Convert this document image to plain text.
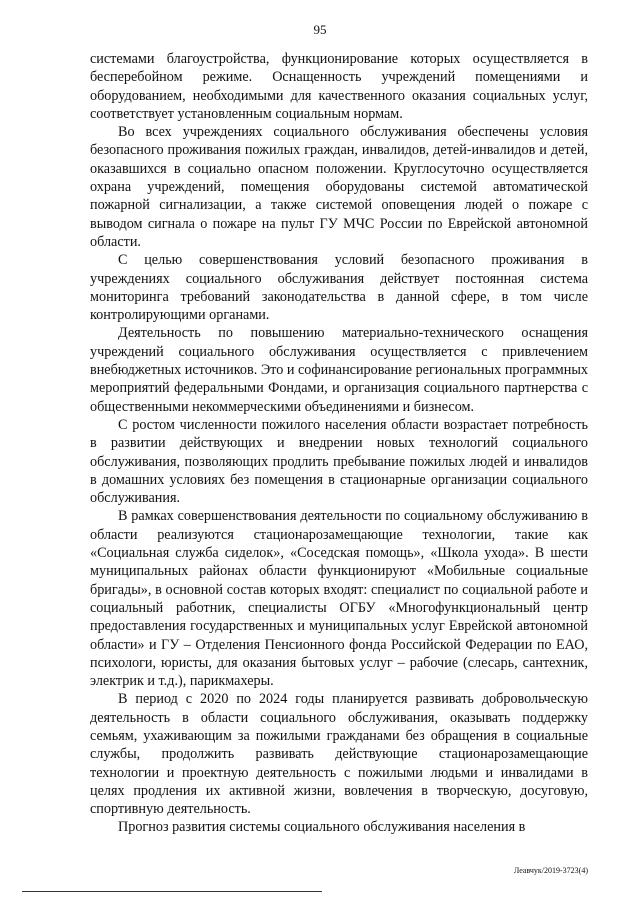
95

системами благоустройства, функционирование которых осуществляется в бесперебойном режиме. Оснащенность учреждений помещениями и оборудованием, необходимыми для качественного оказания социальных услуг, соответствует установленным социальным нормам.

Во всех учреждениях социального обслуживания обеспечены условия безопасного проживания пожилых граждан, инвалидов, детей-инвалидов и детей, оказавшихся в социально опасном положении. Круглосуточно осуществляется охрана учреждений, помещения оборудованы системой автоматической пожарной сигнализации, а также системой оповещения людей о пожаре с выводом сигнала о пожаре на пульт ГУ МЧС России по Еврейской автономной области.

С целью совершенствования условий безопасного проживания в учреждениях социального обслуживания действует постоянная система мониторинга требований законодательства в данной сфере, в том числе контролирующими органами.

Деятельность по повышению материально-технического оснащения учреждений социального обслуживания осуществляется с привлечением внебюджетных источников. Это и софинансирование региональных программных мероприятий федеральными Фондами, и организация социального партнерства с общественными некоммерческими объединениями и бизнесом.

С ростом численности пожилого населения области возрастает потребность в развитии действующих и внедрении новых технологий социального обслуживания, позволяющих продлить пребывание пожилых людей и инвалидов в домашних условиях без помещения в стационарные организации социального обслуживания.

В рамках совершенствования деятельности по социальному обслуживанию в области реализуются стационарозамещающие технологии, такие как «Социальная служба сиделок», «Соседская помощь», «Школа ухода». В шести муниципальных районах области функционируют «Мобильные социальные бригады», в основной состав которых входят: специалист по социальной работе и социальный работник, специалисты ОГБУ «Многофункциональный центр предоставления государственных и муниципальных услуг Еврейской автономной области» и ГУ – Отделения Пенсионного фонда Российской Федерации по ЕАО, психологи, юристы, для оказания бытовых услуг – рабочие (слесарь, сантехник, электрик и т.д.), парикмахеры.

В период с 2020 по 2024 годы планируется развивать добровольческую деятельность в области социального обслуживания, оказывать поддержку семьям, ухаживающим за пожилыми гражданами без обращения в социальные службы, продолжить развивать действующие стационарозамещающие технологии и проектную деятельность с пожилыми людьми и инвалидами в целях продления их активной жизни, вовлечения в творческую, досуговую, спортивную деятельность.

Прогноз развития системы социального обслуживания населения в

Леавчук/2019-3723(4)
